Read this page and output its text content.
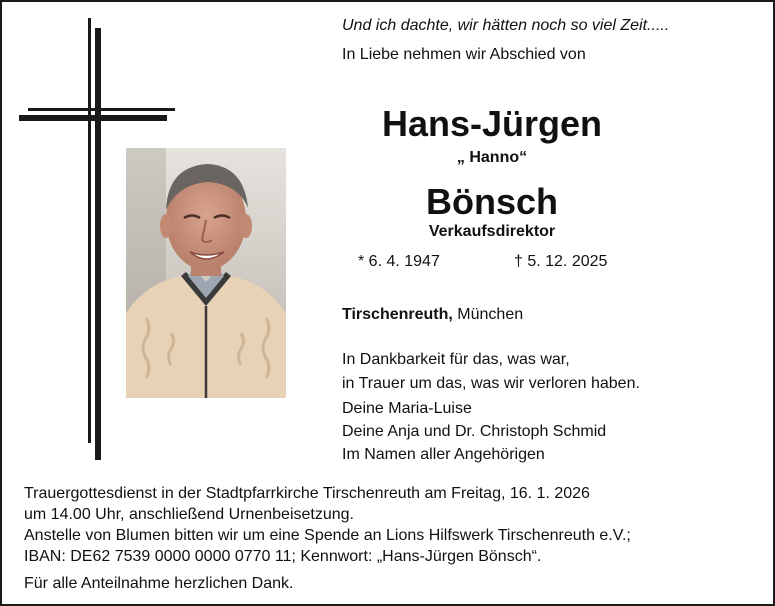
Und ich dachte, wir hätten noch so viel Zeit.....
In Liebe nehmen wir Abschied von
Hans-Jürgen
„ Hanno“
Bönsch
Verkaufsdirektor
* 6. 4. 1947	† 5. 12. 2025
Tirschenreuth, München
In Dankbarkeit für das, was war,
in Trauer um das, was wir verloren haben.
Deine Maria-Luise
Deine Anja und Dr. Christoph Schmid
Im Namen aller Angehörigen
Trauergottesdienst in der Stadtpfarrkirche Tirschenreuth am Freitag, 16. 1. 2026
um 14.00 Uhr, anschließend Urnenbeisetzung.
Anstelle von Blumen bitten wir um eine Spende an Lions Hilfswerk Tirschenreuth e.V.;
IBAN: DE62 7539 0000 0000 0770 11; Kennwort: „Hans-Jürgen Bönsch“.
Für alle Anteilnahme herzlichen Dank.
